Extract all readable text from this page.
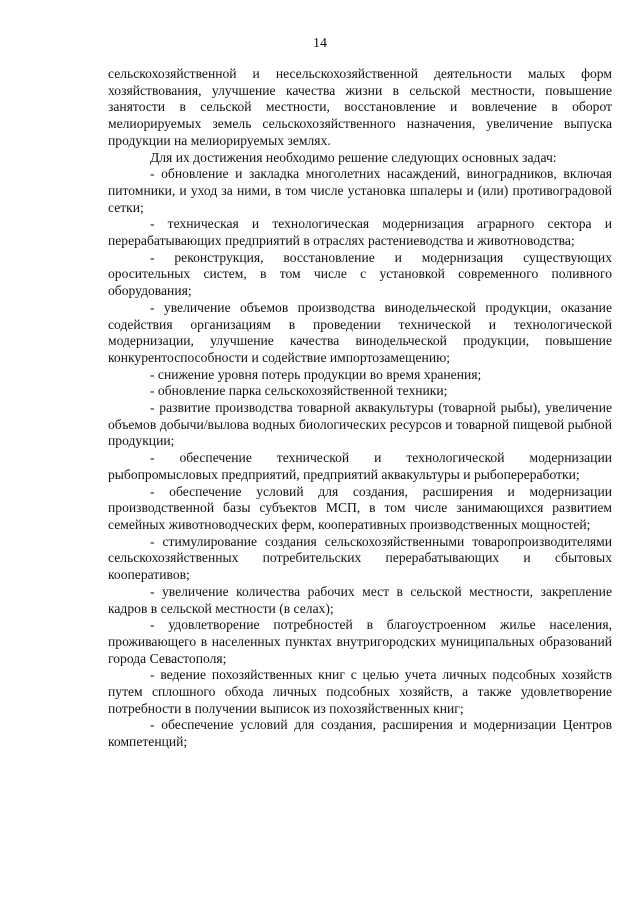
14

сельскохозяйственной и несельскохозяйственной деятельности малых форм хозяйствования, улучшение качества жизни в сельской местности, повышение занятости в сельской местности, восстановление и вовлечение в оборот мелиорируемых земель сельскохозяйственного назначения, увеличение выпуска продукции на мелиорируемых землях.

Для их достижения необходимо решение следующих основных задач:

- обновление и закладка многолетних насаждений, виноградников, включая питомники, и уход за ними, в том числе установка шпалеры и (или) противоградовой сетки;

- техническая и технологическая модернизация аграрного сектора и перерабатывающих предприятий в отраслях растениеводства и животноводства;

- реконструкция, восстановление и модернизация существующих оросительных систем, в том числе с установкой современного поливного оборудования;

- увеличение объемов производства винодельческой продукции, оказание содействия организациям в проведении технической и технологической модернизации, улучшение качества винодельческой продукции, повышение конкурентоспособности и содействие импортозамещению;

- снижение уровня потерь продукции во время хранения;

- обновление парка сельскохозяйственной техники;

- развитие производства товарной аквакультуры (товарной рыбы), увеличение объемов добычи/вылова водных биологических ресурсов и товарной пищевой рыбной продукции;

- обеспечение технической и технологической модернизации рыбопромысловых предприятий, предприятий аквакультуры и рыбопереработки;

- обеспечение условий для создания, расширения и модернизации производственной базы субъектов МСП, в том числе занимающихся развитием семейных животноводческих ферм, кооперативных производственных мощностей;

- стимулирование создания сельскохозяйственными товаропроизводителями сельскохозяйственных потребительских перерабатывающих и сбытовых кооперативов;

- увеличение количества рабочих мест в сельской местности, закрепление кадров в сельской местности (в селах);

- удовлетворение потребностей в благоустроенном жилье населения, проживающего в населенных пунктах внутригородских муниципальных образований города Севастополя;

- ведение похозяйственных книг с целью учета личных подсобных хозяйств путем сплошного обхода личных подсобных хозяйств, а также удовлетворение потребности в получении выписок из похозяйственных книг;

- обеспечение условий для создания, расширения и модернизации Центров компетенций;
